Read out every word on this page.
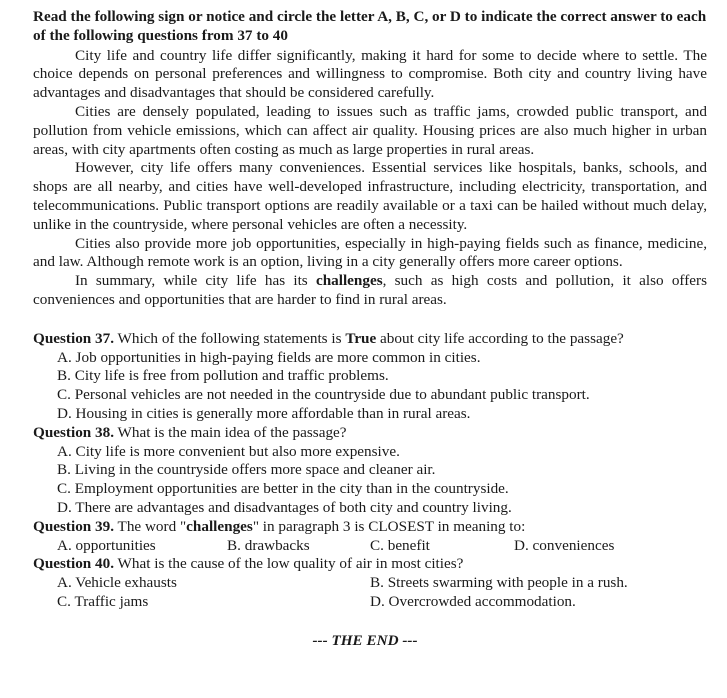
Read the following sign or notice and circle the letter A, B, C, or D to indicate the correct answer to each of the following questions from 37 to 40

City life and country life differ significantly, making it hard for some to decide where to settle. The choice depends on personal preferences and willingness to compromise. Both city and country living have advantages and disadvantages that should be considered carefully.

Cities are densely populated, leading to issues such as traffic jams, crowded public transport, and pollution from vehicle emissions, which can affect air quality. Housing prices are also much higher in urban areas, with city apartments often costing as much as large properties in rural areas.

However, city life offers many conveniences. Essential services like hospitals, banks, schools, and shops are all nearby, and cities have well-developed infrastructure, including electricity, transportation, and telecommunications. Public transport options are readily available or a taxi can be hailed without much delay, unlike in the countryside, where personal vehicles are often a necessity.

Cities also provide more job opportunities, especially in high-paying fields such as finance, medicine, and law. Although remote work is an option, living in a city generally offers more career options.

In summary, while city life has its challenges, such as high costs and pollution, it also offers conveniences and opportunities that are harder to find in rural areas.

Question 37. Which of the following statements is True about city life according to the passage?

A. Job opportunities in high-paying fields are more common in cities.

B. City life is free from pollution and traffic problems.

C. Personal vehicles are not needed in the countryside due to abundant public transport.

D. Housing in cities is generally more affordable than in rural areas.

Question 38. What is the main idea of the passage?

A. City life is more convenient but also more expensive.

B. Living in the countryside offers more space and cleaner air.

C. Employment opportunities are better in the city than in the countryside.

D. There are advantages and disadvantages of both city and country living.

Question 39. The word "challenges" in paragraph 3 is CLOSEST in meaning to:

A. opportunities	B. drawbacks	C. benefit	D. conveniences

Question 40. What is the cause of the low quality of air in most cities?

A. Vehicle exhausts	B. Streets swarming with people in a rush.
C. Traffic jams	D. Overcrowded accommodation.
--- THE END ---
